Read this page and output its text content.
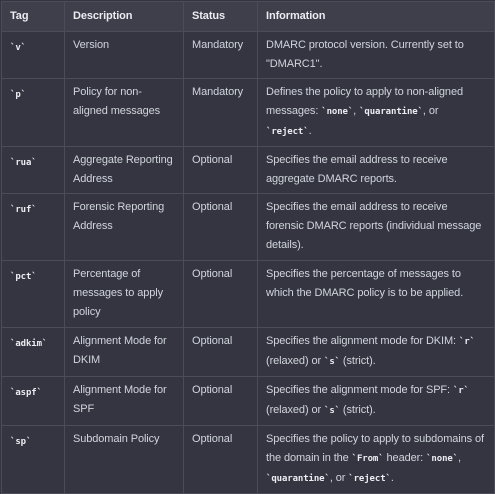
Tag	Description	Status	Information
`v`	Version	Mandatory	DMARC protocol version. Currently set to "DMARC1".
`p`	Policy for non-aligned messages	Mandatory	Defines the policy to apply to non-aligned messages: `none`, `quarantine`, or `reject`.
`rua`	Aggregate Reporting Address	Optional	Specifies the email address to receive aggregate DMARC reports.
`ruf`	Forensic Reporting Address	Optional	Specifies the email address to receive forensic DMARC reports (individual message details).
`pct`	Percentage of messages to apply policy	Optional	Specifies the percentage of messages to which the DMARC policy is to be applied.
`adkim`	Alignment Mode for DKIM	Optional	Specifies the alignment mode for DKIM: `r` (relaxed) or `s` (strict).
`aspf`	Alignment Mode for SPF	Optional	Specifies the alignment mode for SPF: `r` (relaxed) or `s` (strict).
`sp`	Subdomain Policy	Optional	Specifies the policy to apply to subdomains of the domain in the `From` header: `none`, `quarantine`, or `reject`.
